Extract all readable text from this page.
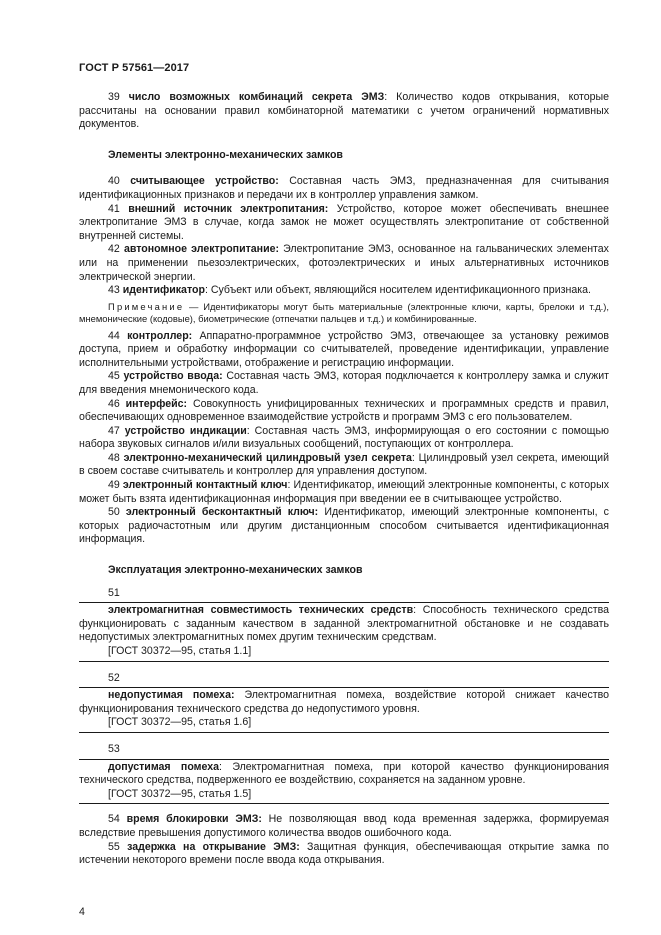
ГОСТ Р 57561—2017

39 число возможных комбинаций секрета ЭМЗ: Количество кодов открывания, которые рассчитаны на основании правил комбинаторной математики с учетом ограничений нормативных документов.

Элементы электронно-механических замков

40 считывающее устройство: Составная часть ЭМЗ, предназначенная для считывания идентификационных признаков и передачи их в контроллер управления замком.

41 внешний источник электропитания: Устройство, которое может обеспечивать внешнее электропитание ЭМЗ в случае, когда замок не может осуществлять электропитание от собственной внутренней системы.

42 автономное электропитание: Электропитание ЭМЗ, основанное на гальванических элементах или на применении пьезоэлектрических, фотоэлектрических и иных альтернативных источников электрической энергии.

43 идентификатор: Субъект или объект, являющийся носителем идентификационного признака.

Примечание — Идентификаторы могут быть материальные (электронные ключи, карты, брелоки и т.д.), мнемонические (кодовые), биометрические (отпечатки пальцев и т.д.) и комбинированные.

44 контроллер: Аппаратно-программное устройство ЭМЗ, отвечающее за установку режимов доступа, прием и обработку информации со считывателей, проведение идентификации, управление исполнительными устройствами, отображение и регистрацию информации.

45 устройство ввода: Составная часть ЭМЗ, которая подключается к контроллеру замка и служит для введения мнемонического кода.

46 интерфейс: Совокупность унифицированных технических и программных средств и правил, обеспечивающих одновременное взаимодействие устройств и программ ЭМЗ с его пользователем.

47 устройство индикации: Составная часть ЭМЗ, информирующая о его состоянии с помощью набора звуковых сигналов и/или визуальных сообщений, поступающих от контроллера.

48 электронно-механический цилиндровый узел секрета: Цилиндровый узел секрета, имеющий в своем составе считыватель и контроллер для управления доступом.

49 электронный контактный ключ: Идентификатор, имеющий электронные компоненты, с которых может быть взята идентификационная информация при введении ее в считывающее устройство.

50 электронный бесконтактный ключ: Идентификатор, имеющий электронные компоненты, с которых радиочастотным или другим дистанционным способом считывается идентификационная информация.

Эксплуатация электронно-механических замков

51

электромагнитная совместимость технических средств: Способность технического средства функционировать с заданным качеством в заданной электромагнитной обстановке и не создавать недопустимых электромагнитных помех другим техническим средствам.

[ГОСТ 30372—95, статья 1.1]

52

недопустимая помеха: Электромагнитная помеха, воздействие которой снижает качество функционирования технического средства до недопустимого уровня.

[ГОСТ 30372—95, статья 1.6]

53

допустимая помеха: Электромагнитная помеха, при которой качество функционирования технического средства, подверженного ее воздействию, сохраняется на заданном уровне.

[ГОСТ 30372—95, статья 1.5]

54 время блокировки ЭМЗ: Не позволяющая ввод кода временная задержка, формируемая вследствие превышения допустимого количества вводов ошибочного кода.

55 задержка на открывание ЭМЗ: Защитная функция, обеспечивающая открытие замка по истечении некоторого времени после ввода кода открывания.

4
